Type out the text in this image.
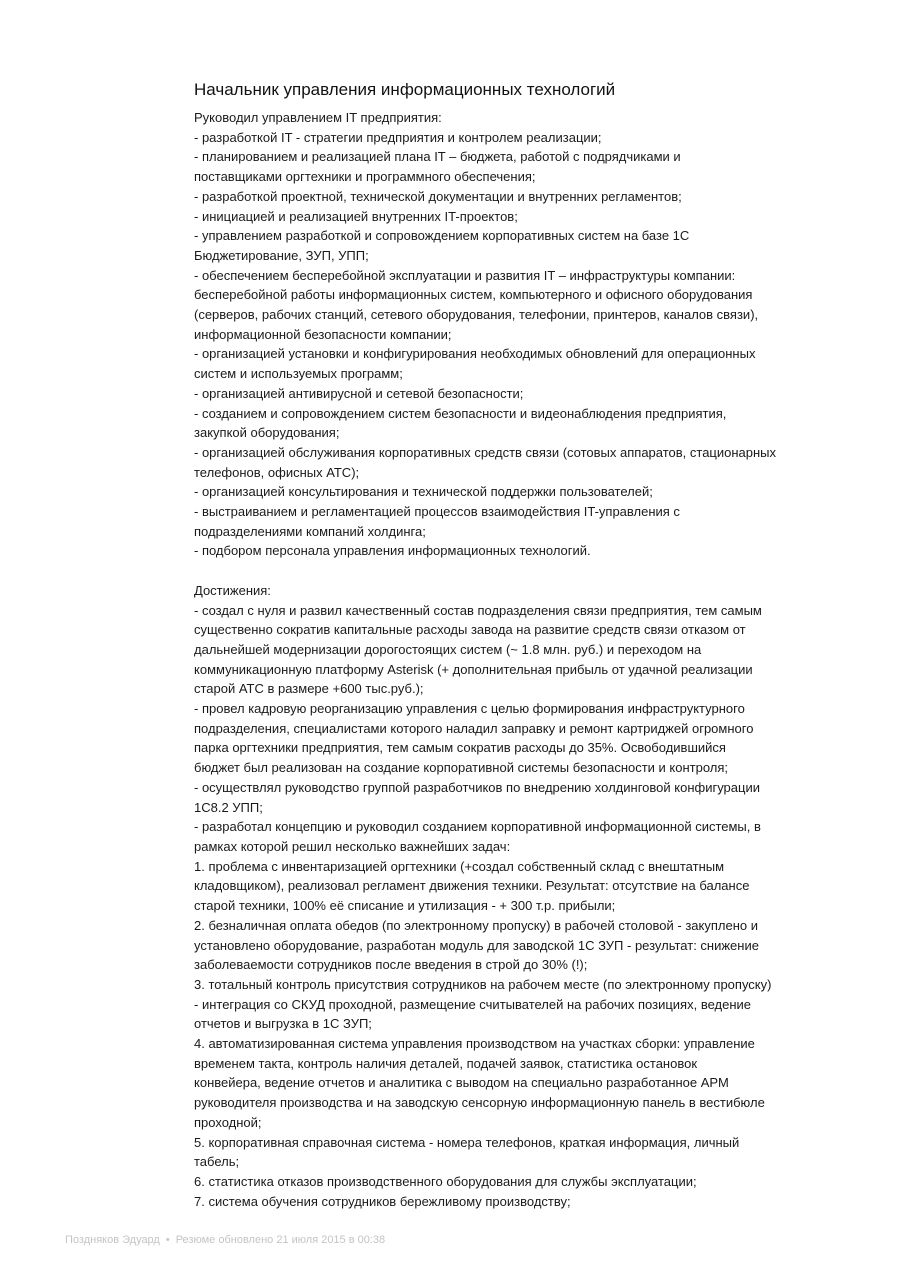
Начальник управления информационных технологий
Руководил управлением IT предприятия:
- разработкой IT - стратегии предприятия и контролем реализации;
- планированием и реализацией плана IT – бюджета, работой с подрядчиками и
поставщиками оргтехники и программного обеспечения;
- разработкой проектной, технической документации и внутренних регламентов;
- инициацией и реализацией внутренних IT-проектов;
- управлением разработкой и сопровождением корпоративных систем на базе 1С
Бюджетирование, ЗУП, УПП;
- обеспечением бесперебойной эксплуатации и развития IT – инфраструктуры компании:
бесперебойной работы информационных систем, компьютерного и офисного оборудования
(серверов, рабочих станций, сетевого оборудования, телефонии, принтеров, каналов связи),
информационной безопасности компании;
- организацией установки и конфигурирования необходимых обновлений для операционных
систем и используемых программ;
- организацией антивирусной и сетевой безопасности;
- созданием и сопровождением систем безопасности и видеонаблюдения предприятия,
закупкой оборудования;
- организацией обслуживания корпоративных средств связи (сотовых аппаратов, стационарных
телефонов, офисных АТС);
- организацией консультирования и технической поддержки пользователей;
- выстраиванием и регламентацией процессов взаимодействия IT-управления с
подразделениями компаний холдинга;
- подбором персонала управления информационных технологий.
Достижения:
- создал с нуля и развил качественный состав подразделения связи предприятия, тем самым
существенно сократив капитальные расходы завода на развитие средств связи отказом от
дальнейшей модернизации дорогостоящих систем (~ 1.8 млн. руб.) и переходом на
коммуникационную платформу Asterisk (+ дополнительная прибыль от удачной реализации
старой АТС в размере +600 тыс.руб.);
- провел кадровую реорганизацию управления с целью формирования инфраструктурного
подразделения, специалистами которого наладил заправку и ремонт картриджей огромного
парка оргтехники предприятия, тем самым сократив расходы до 35%. Освободившийся
бюджет был реализован на создание корпоративной системы безопасности и контроля;
- осуществлял руководство группой разработчиков по внедрению холдинговой конфигурации
1С8.2 УПП;
- разработал концепцию и руководил созданием корпоративной информационной системы, в
рамках которой решил несколько важнейших задач:
1. проблема с инвентаризацией оргтехники (+создал собственный склад с внештатным
кладовщиком), реализовал регламент движения техники. Результат: отсутствие на балансе
старой техники, 100% её списание и утилизация - + 300 т.р. прибыли;
2. безналичная оплата обедов (по электронному пропуску) в рабочей столовой - закуплено и
установлено оборудование, разработан модуль для заводской 1С ЗУП - результат: снижение
заболеваемости сотрудников после введения в строй до 30% (!);
3. тотальный контроль присутствия сотрудников на рабочем месте (по электронному пропуску)
- интеграция со СКУД проходной, размещение считывателей на рабочих позициях, ведение
отчетов и выгрузка в 1С ЗУП;
4. автоматизированная система управления производством на участках сборки: управление
временем такта, контроль наличия деталей, подачей заявок, статистика остановок
конвейера, ведение отчетов и аналитика с выводом на специально разработанное АРМ
руководителя производства и на заводскую сенсорную информационную панель в вестибюле
проходной;
5. корпоративная справочная система - номера телефонов, краткая информация, личный
табель;
6. статистика отказов производственного оборудования для службы эксплуатации;
7. система обучения сотрудников бережливому производству;
Поздняков Эдуард • Резюме обновлено 21 июля 2015 в 00:38
